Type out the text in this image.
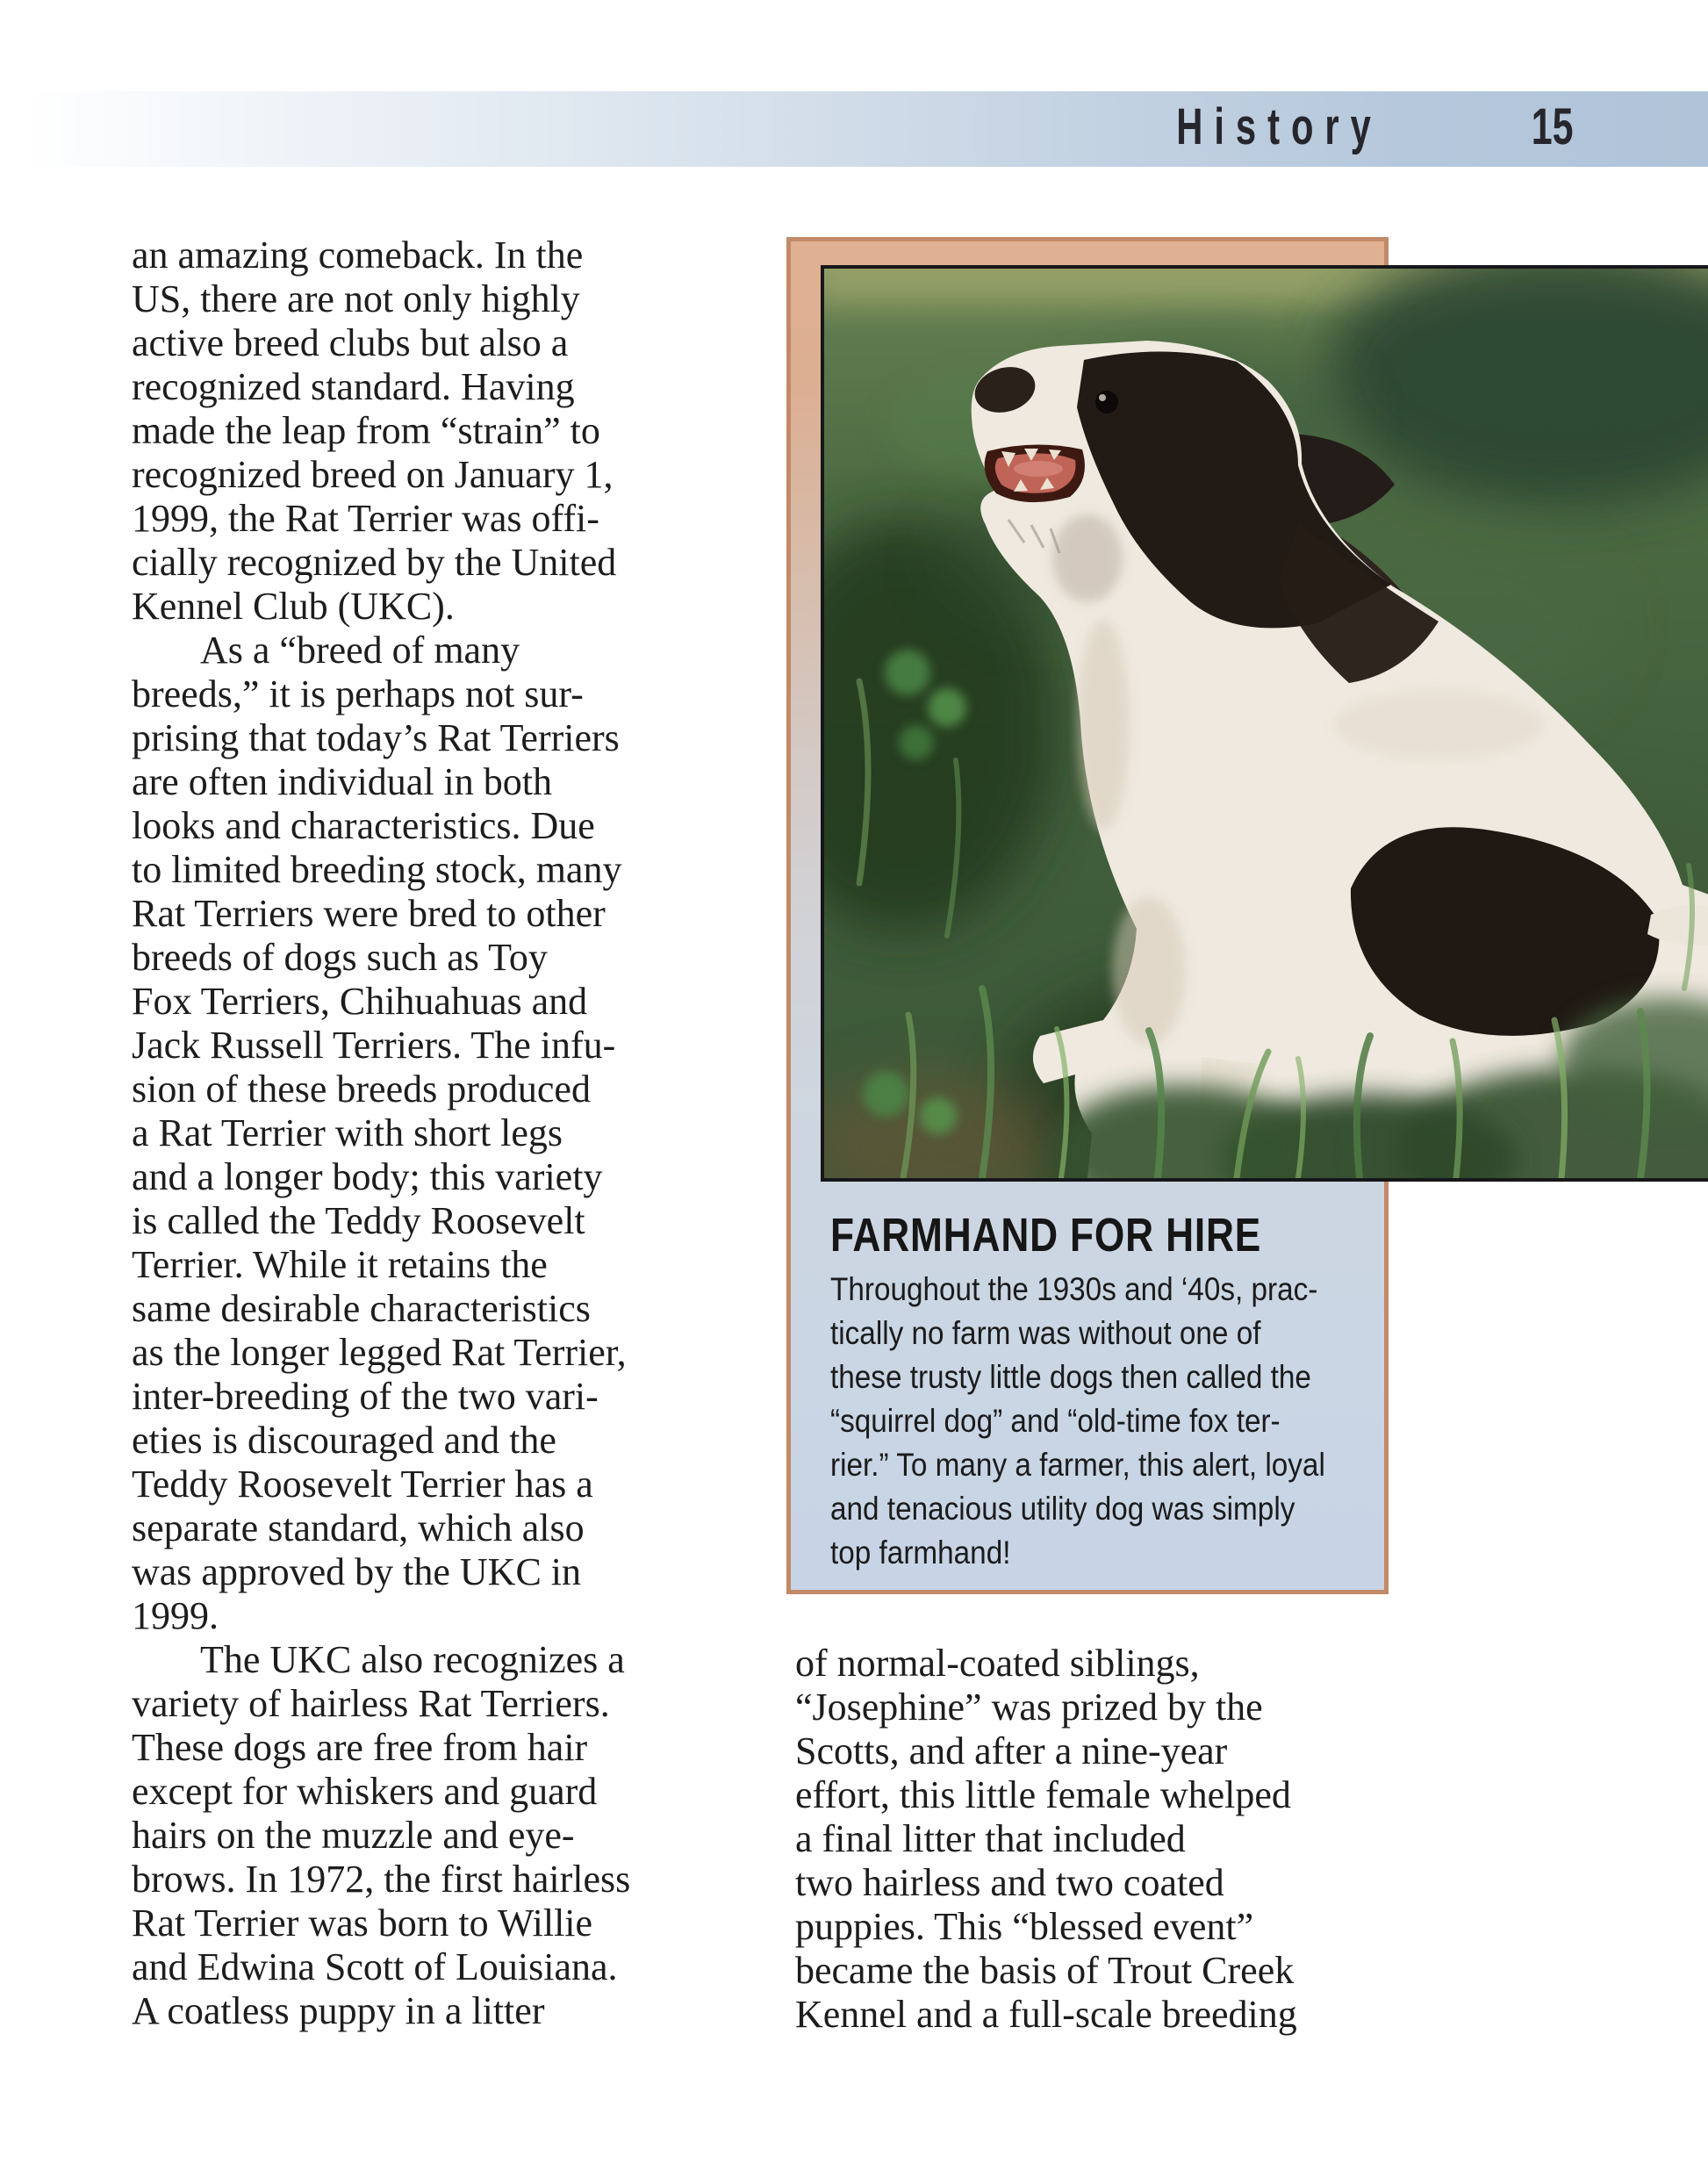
History	15
FARMHAND FOR HIRE
Throughout the 1930s and ‘40s, prac-
tically no farm was without one of
these trusty little dogs then called the
“squirrel dog” and “old-time fox ter-
rier.” To many a farmer, this alert, loyal
and tenacious utility dog was simply
top farmhand!
an amazing comeback. In the
US, there are not only highly
active breed clubs but also a
recognized standard. Having
made the leap from “strain” to
recognized breed on January 1,
1999, the Rat Terrier was offi-
cially recognized by the United
Kennel Club (UKC).
As a “breed of many
breeds,” it is perhaps not sur-
prising that today’s Rat Terriers
are often individual in both
looks and characteristics. Due
to limited breeding stock, many
Rat Terriers were bred to other
breeds of dogs such as Toy
Fox Terriers, Chihuahuas and
Jack Russell Terriers. The infu-
sion of these breeds produced
a Rat Terrier with short legs
and a longer body; this variety
is called the Teddy Roosevelt
Terrier. While it retains the
same desirable characteristics
as the longer legged Rat Terrier,
inter-breeding of the two vari-
eties is discouraged and the
Teddy Roosevelt Terrier has a
separate standard, which also
was approved by the UKC in
1999.
The UKC also recognizes a
variety of hairless Rat Terriers.
These dogs are free from hair
except for whiskers and guard
hairs on the muzzle and eye-
brows. In 1972, the first hairless
Rat Terrier was born to Willie
and Edwina Scott of Louisiana.
A coatless puppy in a litter
of normal-coated siblings,
“Josephine” was prized by the
Scotts, and after a nine-year
effort, this little female whelped
a final litter that included
two hairless and two coated
puppies. This “blessed event”
became the basis of Trout Creek
Kennel and a full-scale breeding
